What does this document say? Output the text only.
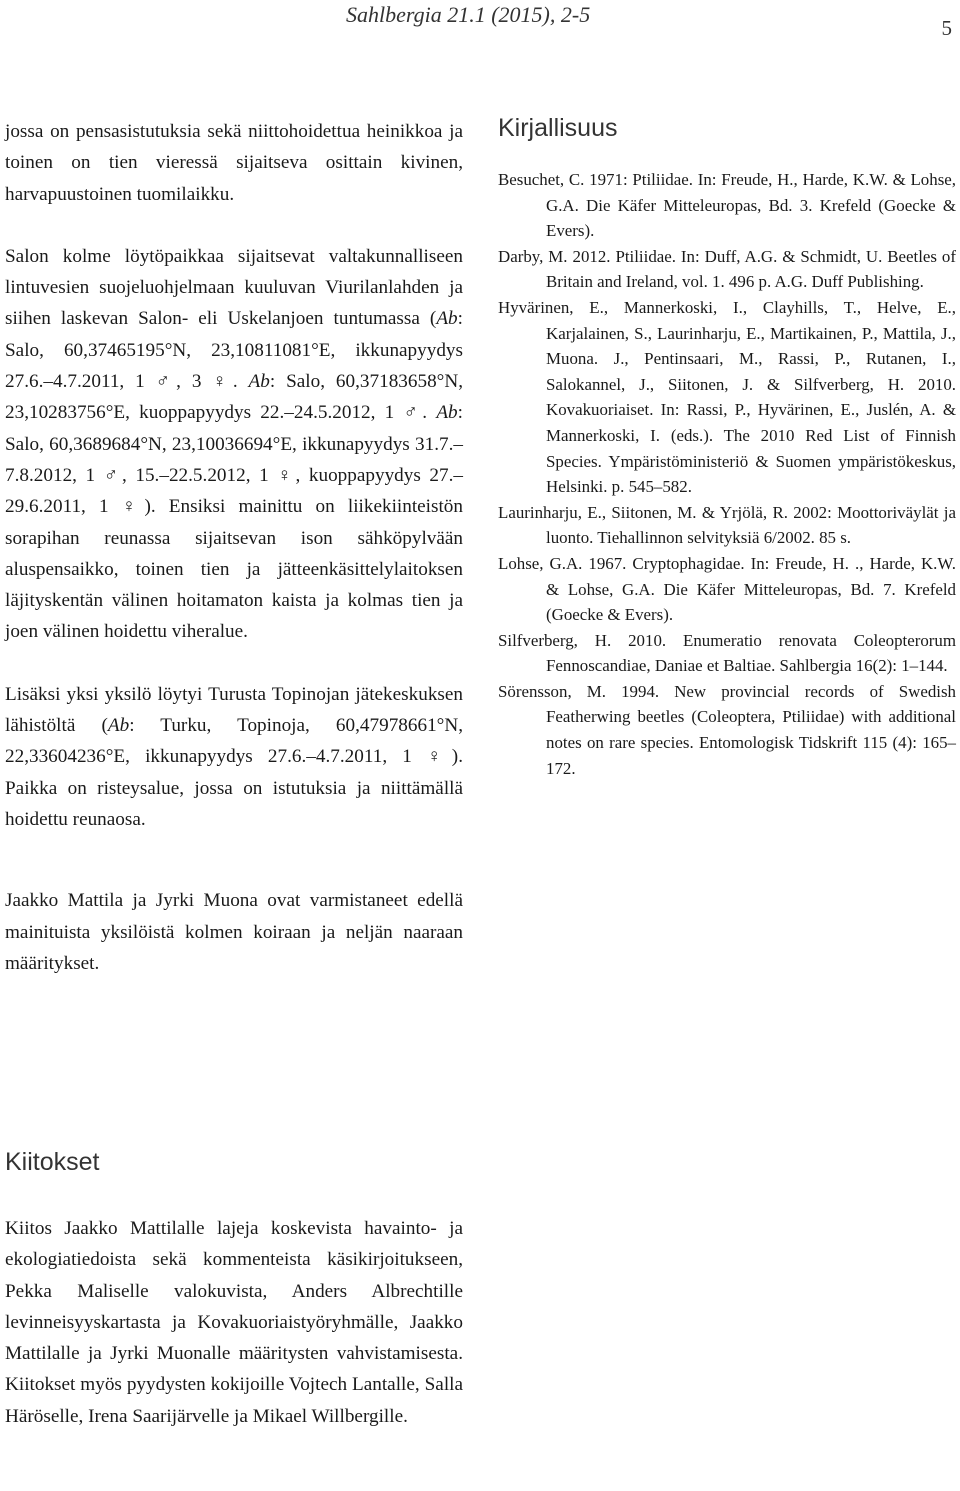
Sahlbergia 21.1 (2015), 2-5
5

jossa on pensasistutuksia sekä niittohoidettua heinikkoa ja toinen on tien vieressä sijaitseva osittain kivinen, harvapuustoinen tuomilaikku.

Salon kolme löytöpaikkaa sijaitsevat valtakunnalliseen lintuvesien suojeluohjelmaan kuuluvan Viurilanlahden ja siihen laskevan Salon- eli Uskelanjoen tuntumassa (Ab: Salo, 60,37465195°N, 23,10811081°E, ikkunapyydys 27.6.–4.7.2011, 1 ♂, 3 ♀. Ab: Salo, 60,37183658°N, 23,10283756°E, kuoppapyydys 22.–24.5.2012, 1 ♂. Ab: Salo, 60,3689684°N, 23,10036694°E, ikkunapyydys 31.7.–7.8.2012, 1 ♂, 15.–22.5.2012, 1 ♀, kuoppapyydys 27.–29.6.2011, 1 ♀). Ensiksi mainittu on liikekiinteistön sorapihan reunassa sijaitsevan ison sähköpylvään aluspensaikko, toinen tien ja jätteenkäsittelylaitoksen läjityskentän välinen hoitamaton kaista ja kolmas tien ja joen välinen hoidettu viheralue.

Lisäksi yksi yksilö löytyi Turusta Topinojan jätekeskuksen lähistöltä (Ab: Turku, Topinoja, 60,47978661°N, 22,33604236°E, ikkunapyydys 27.6.–4.7.2011, 1 ♀). Paikka on risteysalue, jossa on istutuksia ja niittämällä hoidettu reunaosa.

Jaakko Mattila ja Jyrki Muona ovat varmistaneet edellä mainituista yksilöistä kolmen koiraan ja neljän naaraan määritykset.

Kiitokset

Kiitos Jaakko Mattilalle lajeja koskevista havainto- ja ekologiatiedoista sekä kommenteista käsikirjoitukseen, Pekka Maliselle valokuvista, Anders Albrechtille levinneisyyskartasta ja Kovakuoriaistyöryhmälle, Jaakko Mattilalle ja Jyrki Muonalle määritysten vahvistamisesta. Kiitokset myös pyydysten kokijoille Vojtech Lantalle, Salla Häröselle, Irena Saarijärvelle ja Mikael Willbergille.

Kirjallisuus

Besuchet, C. 1971: Ptiliidae. In: Freude, H., Harde, K.W. & Lohse, G.A. Die Käfer Mitteleuropas, Bd. 3. Krefeld (Goecke & Evers).

Darby, M. 2012. Ptiliidae. In: Duff, A.G. & Schmidt, U. Beetles of Britain and Ireland, vol. 1. 496 p. A.G. Duff Publishing.

Hyvärinen, E., Mannerkoski, I., Clayhills, T., Helve, E., Karjalainen, S., Laurinharju, E., Martikainen, P., Mattila, J., Muona. J., Pentinsaari, M., Rassi, P., Rutanen, I., Salokannel, J., Siitonen, J. & Silfverberg, H. 2010. Kovakuoriaiset. In: Rassi, P., Hyvärinen, E., Juslén, A. & Mannerkoski, I. (eds.). The 2010 Red List of Finnish Species. Ympäristöministeriö & Suomen ympäristökeskus, Helsinki. p. 545–582.

Laurinharju, E., Siitonen, M. & Yrjölä, R. 2002: Moottoriväylät ja luonto. Tiehallinnon selvityksiä 6/2002. 85 s.

Lohse, G.A. 1967. Cryptophagidae. In: Freude, H. ., Harde, K.W. & Lohse, G.A. Die Käfer Mitteleuropas, Bd. 7. Krefeld (Goecke & Evers).

Silfverberg, H. 2010. Enumeratio renovata Coleopterorum Fennoscandiae, Daniae et Baltiae. Sahlbergia 16(2): 1–144.

Sörensson, M. 1994. New provincial records of Swedish Featherwing beetles (Coleoptera, Ptiliidae) with additional notes on rare species. Entomologisk Tidskrift 115 (4): 165–172.
